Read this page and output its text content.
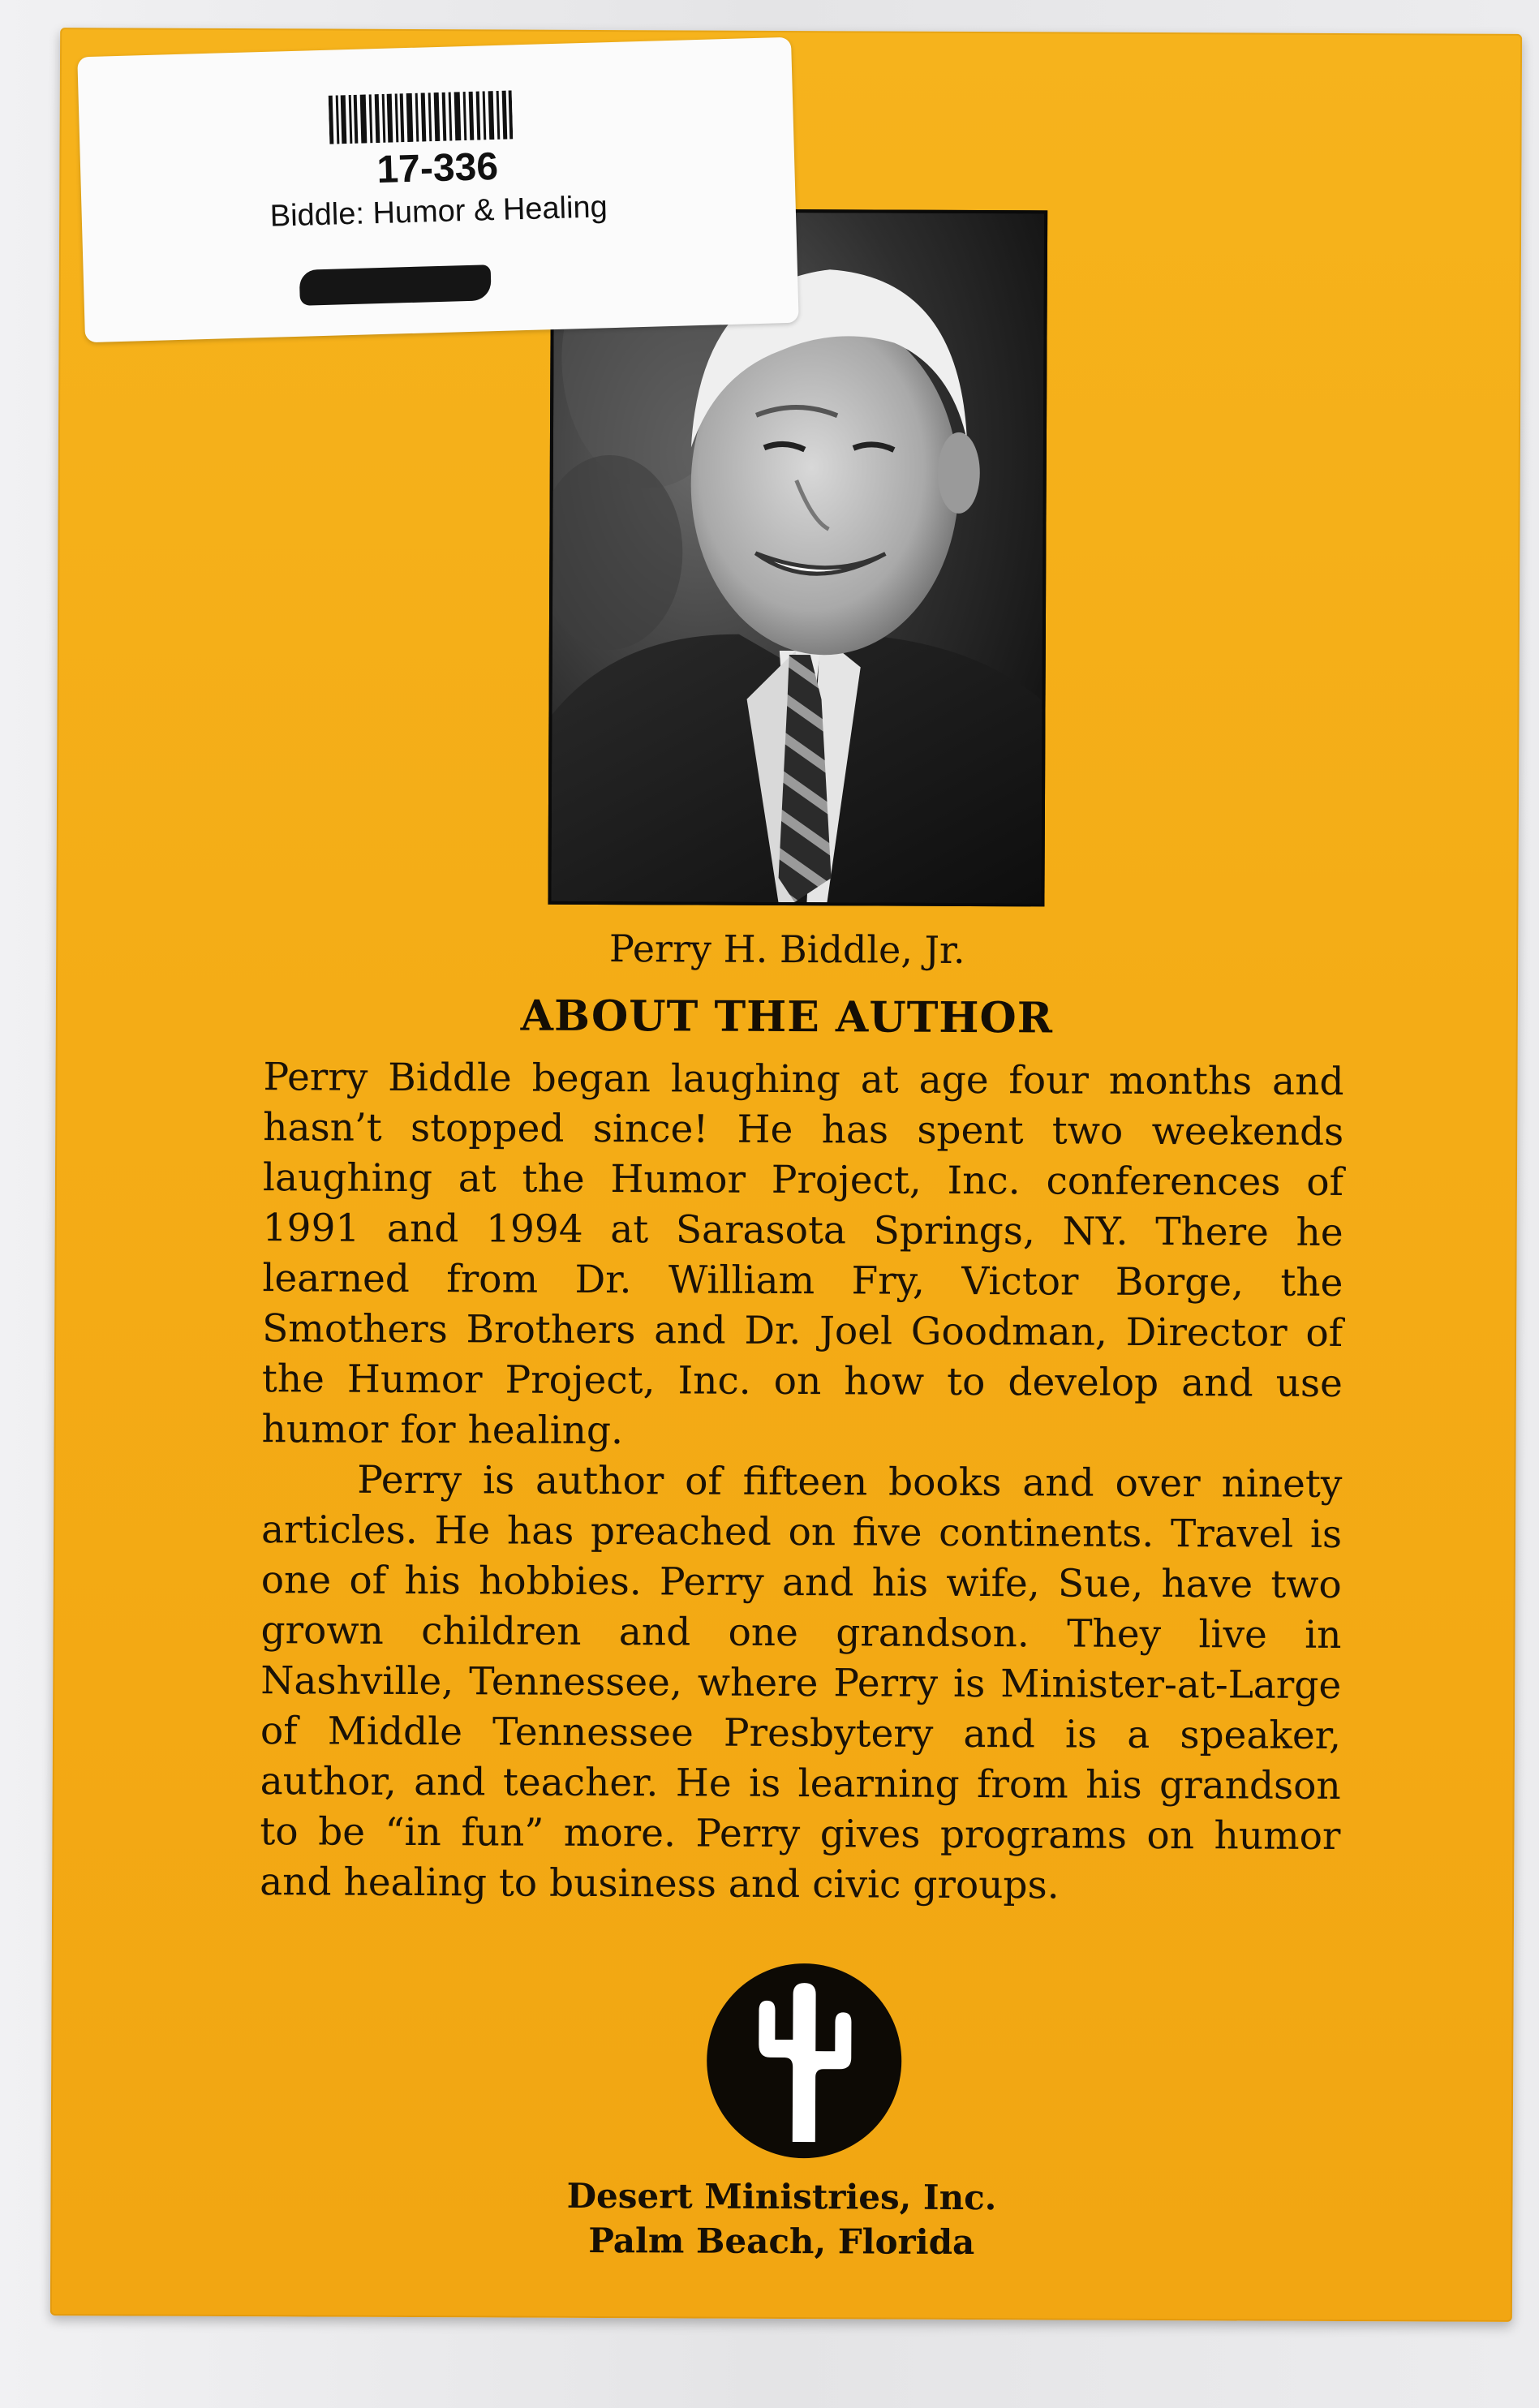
Perry H. Biddle, Jr.
ABOUT THE AUTHOR

Perry Biddle began laughing at age four months and hasn’t stopped since! He has spent two weekends laughing at the Humor Project, Inc. conferences of 1991 and 1994 at Sarasota Springs, NY. There he learned from Dr. William Fry, Victor Borge, the Smothers Brothers and Dr. Joel Goodman, Director of the Humor Project, Inc. on how to develop and use humor for healing.

Perry is author of fifteen books and over ninety articles. He has preached on five continents. Travel is one of his hobbies. Perry and his wife, Sue, have two grown children and one grandson. They live in Nashville, Tennessee, where Perry is Minister-at-Large of Middle Tennessee Presbytery and is a speaker, author, and teacher. He is learning from his grandson to be “in fun” more. Perry gives programs on humor and healing to business and civic groups.

Desert Ministries, Inc.
Palm Beach, Florida
17-336
Biddle: Humor & Healing
